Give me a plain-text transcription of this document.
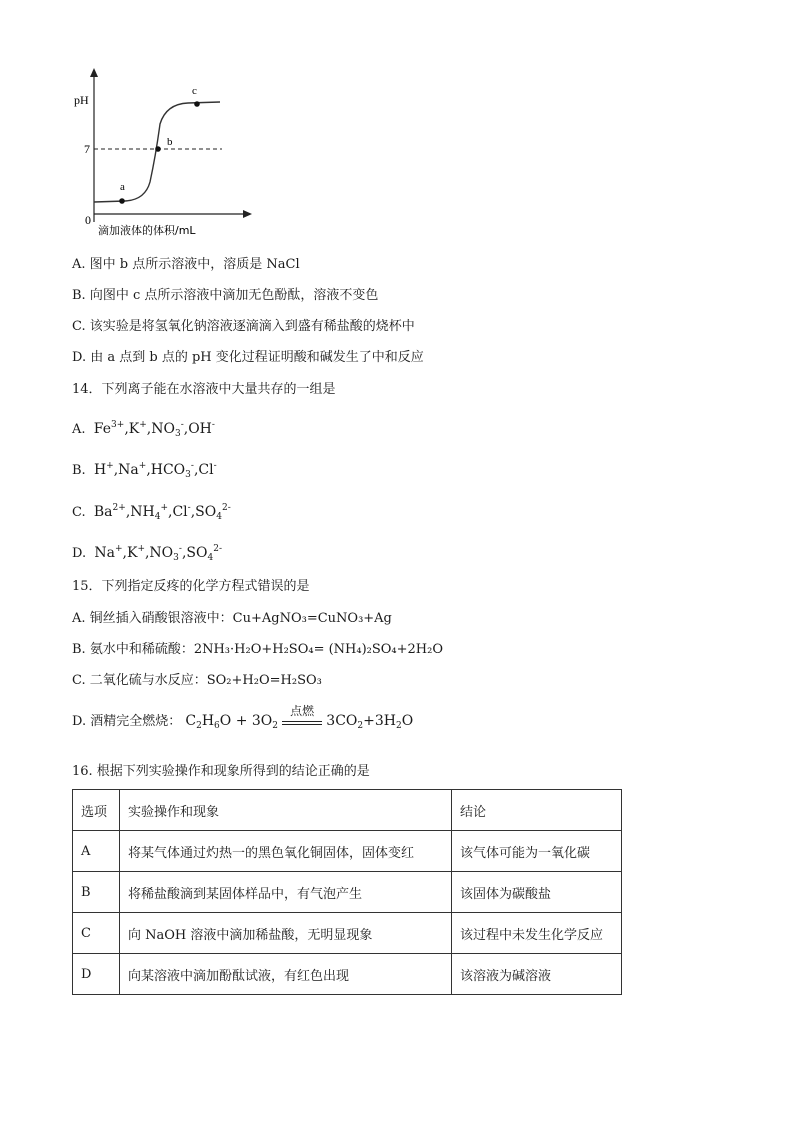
pH
7
0
a
b
c
滴加液体的体积/mL
A. 图中 b 点所示溶液中，溶质是 NaCl
B. 向图中 c 点所示溶液中滴加无色酚酞，溶液不变色
C. 该实验是将氢氧化钠溶液逐滴滴入到盛有稀盐酸的烧杯中
D. 由 a 点到 b 点的 pH 变化过程证明酸和碱发生了中和反应
14．下列离子能在水溶液中大量共存的一组是
A. $Fe^{3+},K^+,NO_3^-,OH^-$
B. $H^+,Na^+,HCO_3^-,Cl^-$
C. $Ba^{2+},NH_4^+,Cl^-,SO_4^{2-}$
D. $Na^+,K^+,NO_3^-,SO_4^{2-}$
15．下列指定反疼的化学方程式错误的是
A. 铜丝插入硝酸银溶液中：Cu+AgNO₃=CuNO₃+Ag
B. 氨水中和稀硫酸：2NH₃·H₂O+H₂SO₄= (NH₄)₂SO₄+2H₂O
C. 二氧化硫与水反应：SO₂+H₂O=H₂SO₃
D. 酒精完全燃烧： $C_2H_6O + 3O_2$
点燃
$3CO_2+3H_2O$
16. 根据下列实验操作和现象所得到的结论正确的是
选项	实验操作和现象	结论
A	将某气体通过灼热一的黑色氧化铜固体，固体变红	该气体可能为一氧化碳
B	将稀盐酸滴到某固体样品中，有气泡产生	该固体为碳酸盐
C	向 NaOH 溶液中滴加稀盐酸，无明显现象	该过程中未发生化学反应
D	向某溶液中滴加酚酞试液，有红色出现	该溶液为碱溶液
